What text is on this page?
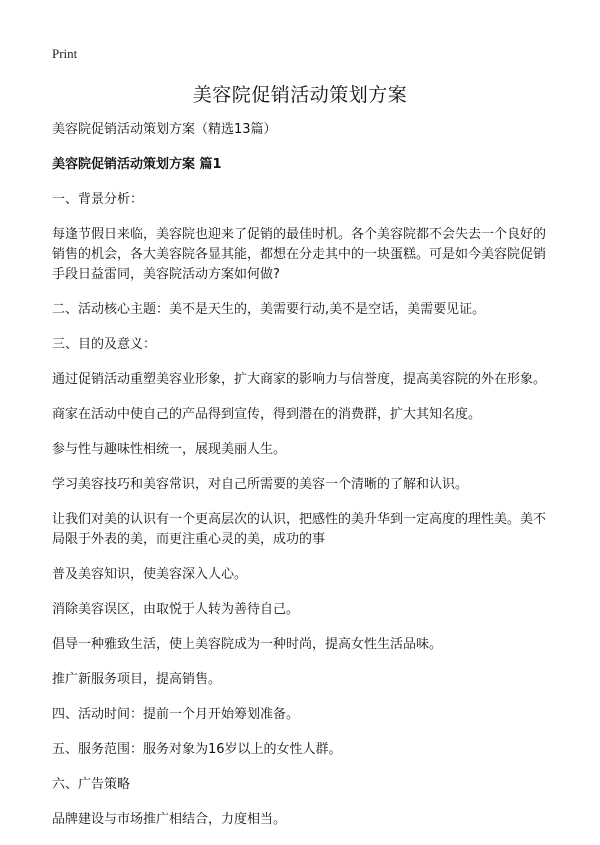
Print
美容院促销活动策划方案

美容院促销活动策划方案（精选13篇）

美容院促销活动策划方案 篇1

一、背景分析：

每逢节假日来临，美容院也迎来了促销的最佳时机。各个美容院都不会失去一个良好的销售的机会，各大美容院各显其能，都想在分走其中的一块蛋糕。可是如今美容院促销手段日益雷同，美容院活动方案如何做?

二、活动核心主题：美不是天生的，美需要行动,美不是空话，美需要见证。

三、目的及意义：

通过促销活动重塑美容业形象，扩大商家的影响力与信誉度，提高美容院的外在形象。

商家在活动中使自己的产品得到宣传，得到潜在的消费群，扩大其知名度。

参与性与趣味性相统一，展现美丽人生。

学习美容技巧和美容常识，对自己所需要的美容一个清晰的了解和认识。

让我们对美的认识有一个更高层次的认识，把感性的美升华到一定高度的理性美。美不局限于外表的美，而更注重心灵的美，成功的事

普及美容知识，使美容深入人心。

消除美容误区，由取悦于人转为善待自己。

倡导一种雅致生活，使上美容院成为一种时尚，提高女性生活品味。

推广新服务项目，提高销售。

四、活动时间：提前一个月开始筹划准备。

五、服务范围：服务对象为16岁以上的女性人群。

六、广告策略

品牌建设与市场推广相结合，力度相当。
